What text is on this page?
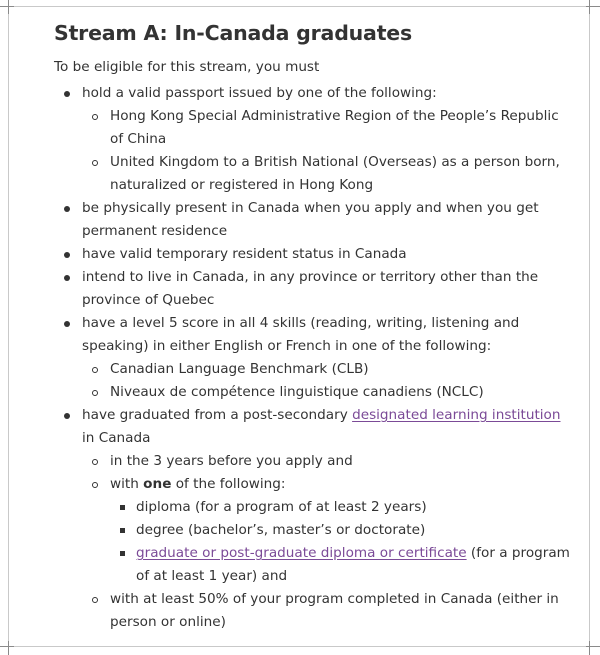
Stream A: In-Canada graduates

To be eligible for this stream, you must

hold a valid passport issued by one of the following:
Hong Kong Special Administrative Region of the People’s Republic of China
United Kingdom to a British National (Overseas) as a person born, naturalized or registered in Hong Kong
be physically present in Canada when you apply and when you get permanent residence
have valid temporary resident status in Canada
intend to live in Canada, in any province or territory other than the province of Quebec
have a level 5 score in all 4 skills (reading, writing, listening and speaking) in either English or French in one of the following:
Canadian Language Benchmark (CLB)
Niveaux de compétence linguistique canadiens (NCLC)
have graduated from a post-secondary designated learning institution in Canada
in the 3 years before you apply and
with one of the following:
diploma (for a program of at least 2 years)
degree (bachelor’s, master’s or doctorate)
graduate or post-graduate diploma or certificate (for a program of at least 1 year) and
with at least 50% of your program completed in Canada (either in person or online)
